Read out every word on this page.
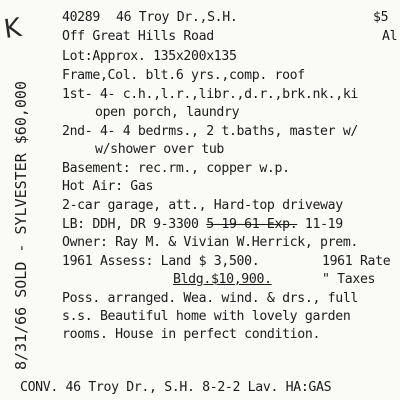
K	40289 46 Troy Dr.,S.H.	$5
Off Great Hills Road	Al
Lot:Approx. 135x200x135
Frame,Col. blt.6 yrs.,comp. roof
1st- 4- c.h.,l.r.,libr.,d.r.,brk.nk.,ki
open porch, laundry
2nd- 4- 4 bedrms., 2 t.baths, master w/
w/shower over tub
Basement: rec.rm., copper w.p.
Hot Air: Gas
2-car garage, att., Hard-top driveway
LB: DDH, DR 9-3300 5-19-61 Exp. 11-19
Owner: Ray M. & Vivian W.Herrick, prem.
1961 Assess: Land $ 3,500.	1961 Rate
Bldg.$10,900.	" Taxes
Poss. arranged. Wea. wind. & drs., full
s.s. Beautiful home with lovely garden
rooms. House in perfect condition.
8/31/66 SOLD - SYLVESTER $60,000
CONV. 46 Troy Dr., S.H. 8-2-2 Lav. HA:GAS
